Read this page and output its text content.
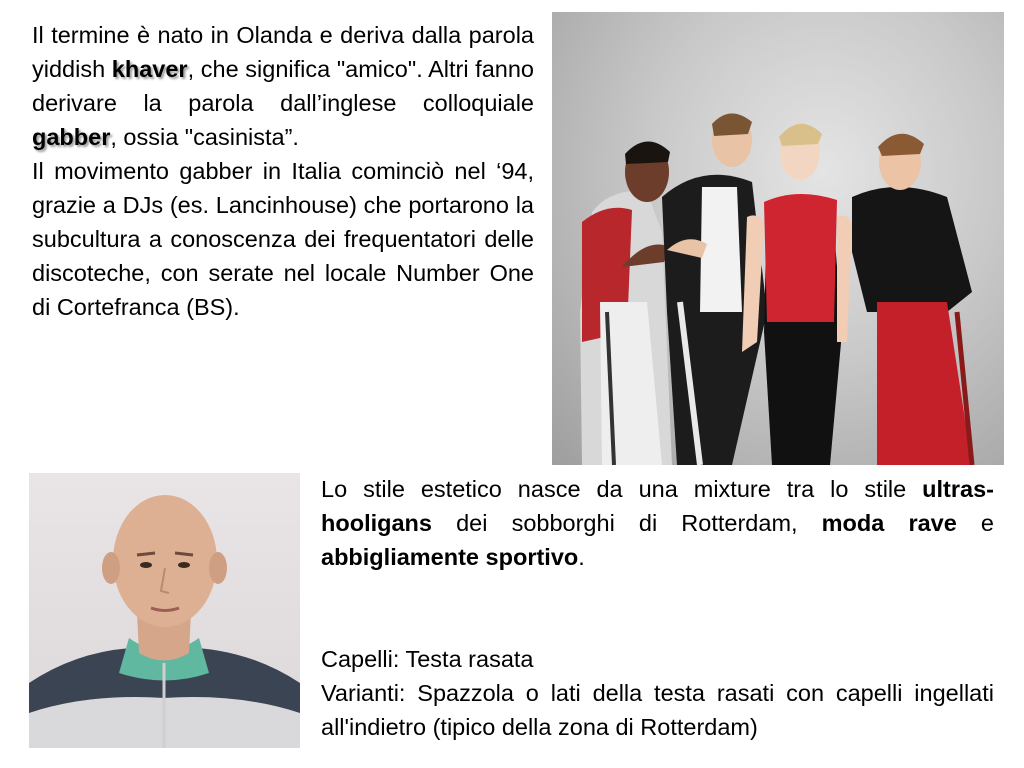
Il termine è nato in Olanda e deriva dalla parola yiddish khaver, che significa "amico". Altri fanno derivare la parola dall’inglese colloquiale gabber, ossia "casinista”.
Il movimento gabber in Italia cominciò nel ‘94, grazie a DJs (es. Lancinhouse) che portarono la subcultura a conoscenza dei frequentatori delle discoteche, con serate nel locale Number One di Cortefranca (BS).
Lo stile estetico nasce da una mixture tra lo stile ultras-hooligans dei sobborghi di Rotterdam, moda rave e abbigliamente sportivo.
Capelli: Testa rasata
Varianti: Spazzola o lati della testa rasati con capelli ingellati all'indietro (tipico della zona di Rotterdam)
